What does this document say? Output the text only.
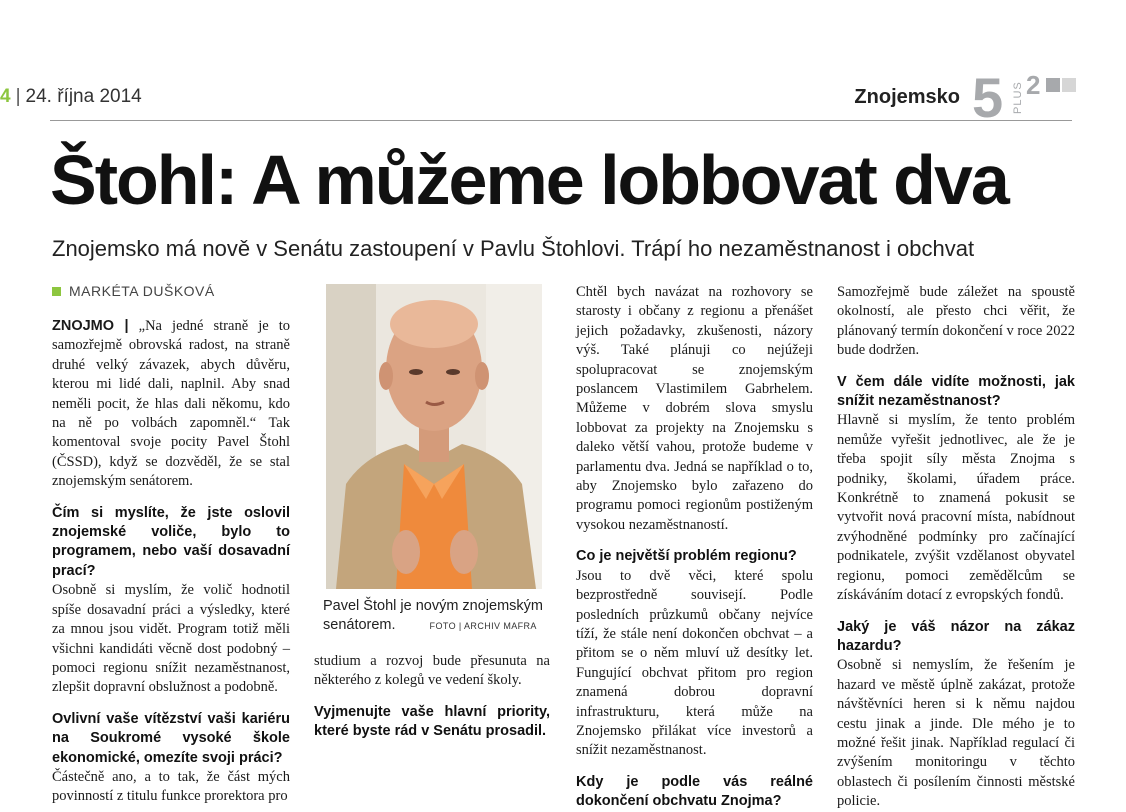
4 | 24. října 2014	Znojemsko 5 PLUS 2
Štohl: A můžeme lobbovat dva
Znojemsko má nově v Senátu zastoupení v Pavlu Štohlovi. Trápí ho nezaměstnanost i obchvat
MARKÉTA DUŠKOVÁ

ZNOJMO | „Na jedné straně je to samozřejmě obrovská radost, na straně druhé velký závazek, abych důvěru, kterou mi lidé dali, naplnil. Aby snad neměli pocit, že hlas dali někomu, kdo na ně po volbách zapomněl.“ Tak komentoval svoje pocity Pavel Štohl (ČSSD), když se dozvěděl, že se stal znojemským senátorem.

Čím si myslíte, že jste oslovil znojemské voliče, bylo to programem, nebo vaší dosavadní prací?

Osobně si myslím, že volič hodnotil spíše dosavadní práci a výsledky, které za mnou jsou vidět. Program totiž měli všichni kandidáti věcně dost podobný – pomoci regionu snížit nezaměstnanost, zlepšit dopravní obslužnost a podobně.

Ovlivní vaše vítězství vaši kariéru na Soukromé vysoké škole ekonomické, omezíte svoji práci?

Částečně ano, a to tak, že část mých povinností z titulu funkce prorektora pro

Pavel Štohl je novým znojemským senátorem.	FOTO | ARCHIV MAFRA

studium a rozvoj bude přesunuta na některého z kolegů ve vedení školy.

Vyjmenujte vaše hlavní priority, které byste rád v Senátu prosadil.

Chtěl bych navázat na rozhovory se starosty i občany z regionu a přenášet jejich požadavky, zkušenosti, názory výš. Také plánuji co nejúžeji spolupracovat se znojemským poslancem Vlastimilem Gabrhelem. Můžeme v dobrém slova smyslu lobbovat za projekty na Znojemsku s daleko větší vahou, protože budeme v parlamentu dva. Jedná se například o to, aby Znojemsko bylo zařazeno do programu pomoci regionům postiženým vysokou nezaměstnaností.

Co je největší problém regionu?

Jsou to dvě věci, které spolu bezprostředně souvisejí. Podle posledních průzkumů občany nejvíce tíží, že stále není dokončen obchvat – a přitom se o něm mluví už desítky let. Fungující obchvat přitom pro region znamená dobrou dopravní infrastrukturu, která může na Znojemsko přilákat více investorů a snížit nezaměstnanost.

Kdy je podle vás reálné dokončení obchvatu Znojma?

Samozřejmě bude záležet na spoustě okolností, ale přesto chci věřit, že plánovaný termín dokončení v roce 2022 bude dodržen.

V čem dále vidíte možnosti, jak snížit nezaměstnanost?

Hlavně si myslím, že tento problém nemůže vyřešit jednotlivec, ale že je třeba spojit síly města Znojma s podniky, školami, úřadem práce. Konkrétně to znamená pokusit se vytvořit nová pracovní místa, nabídnout zvýhodněné podmínky pro začínající podnikatele, zvýšit vzdělanost obyvatel regionu, pomoci zemědělcům se získáváním dotací z evropských fondů.

Jaký je váš názor na zákaz hazardu?

Osobně si nemyslím, že řešením je hazard ve městě úplně zakázat, protože návštěvníci heren si k němu najdou cestu jinak a jinde. Dle mého je to možné řešit jinak. Například regulací či zvýšením monitoringu v těchto oblastech či posílením činnosti městské policie.
